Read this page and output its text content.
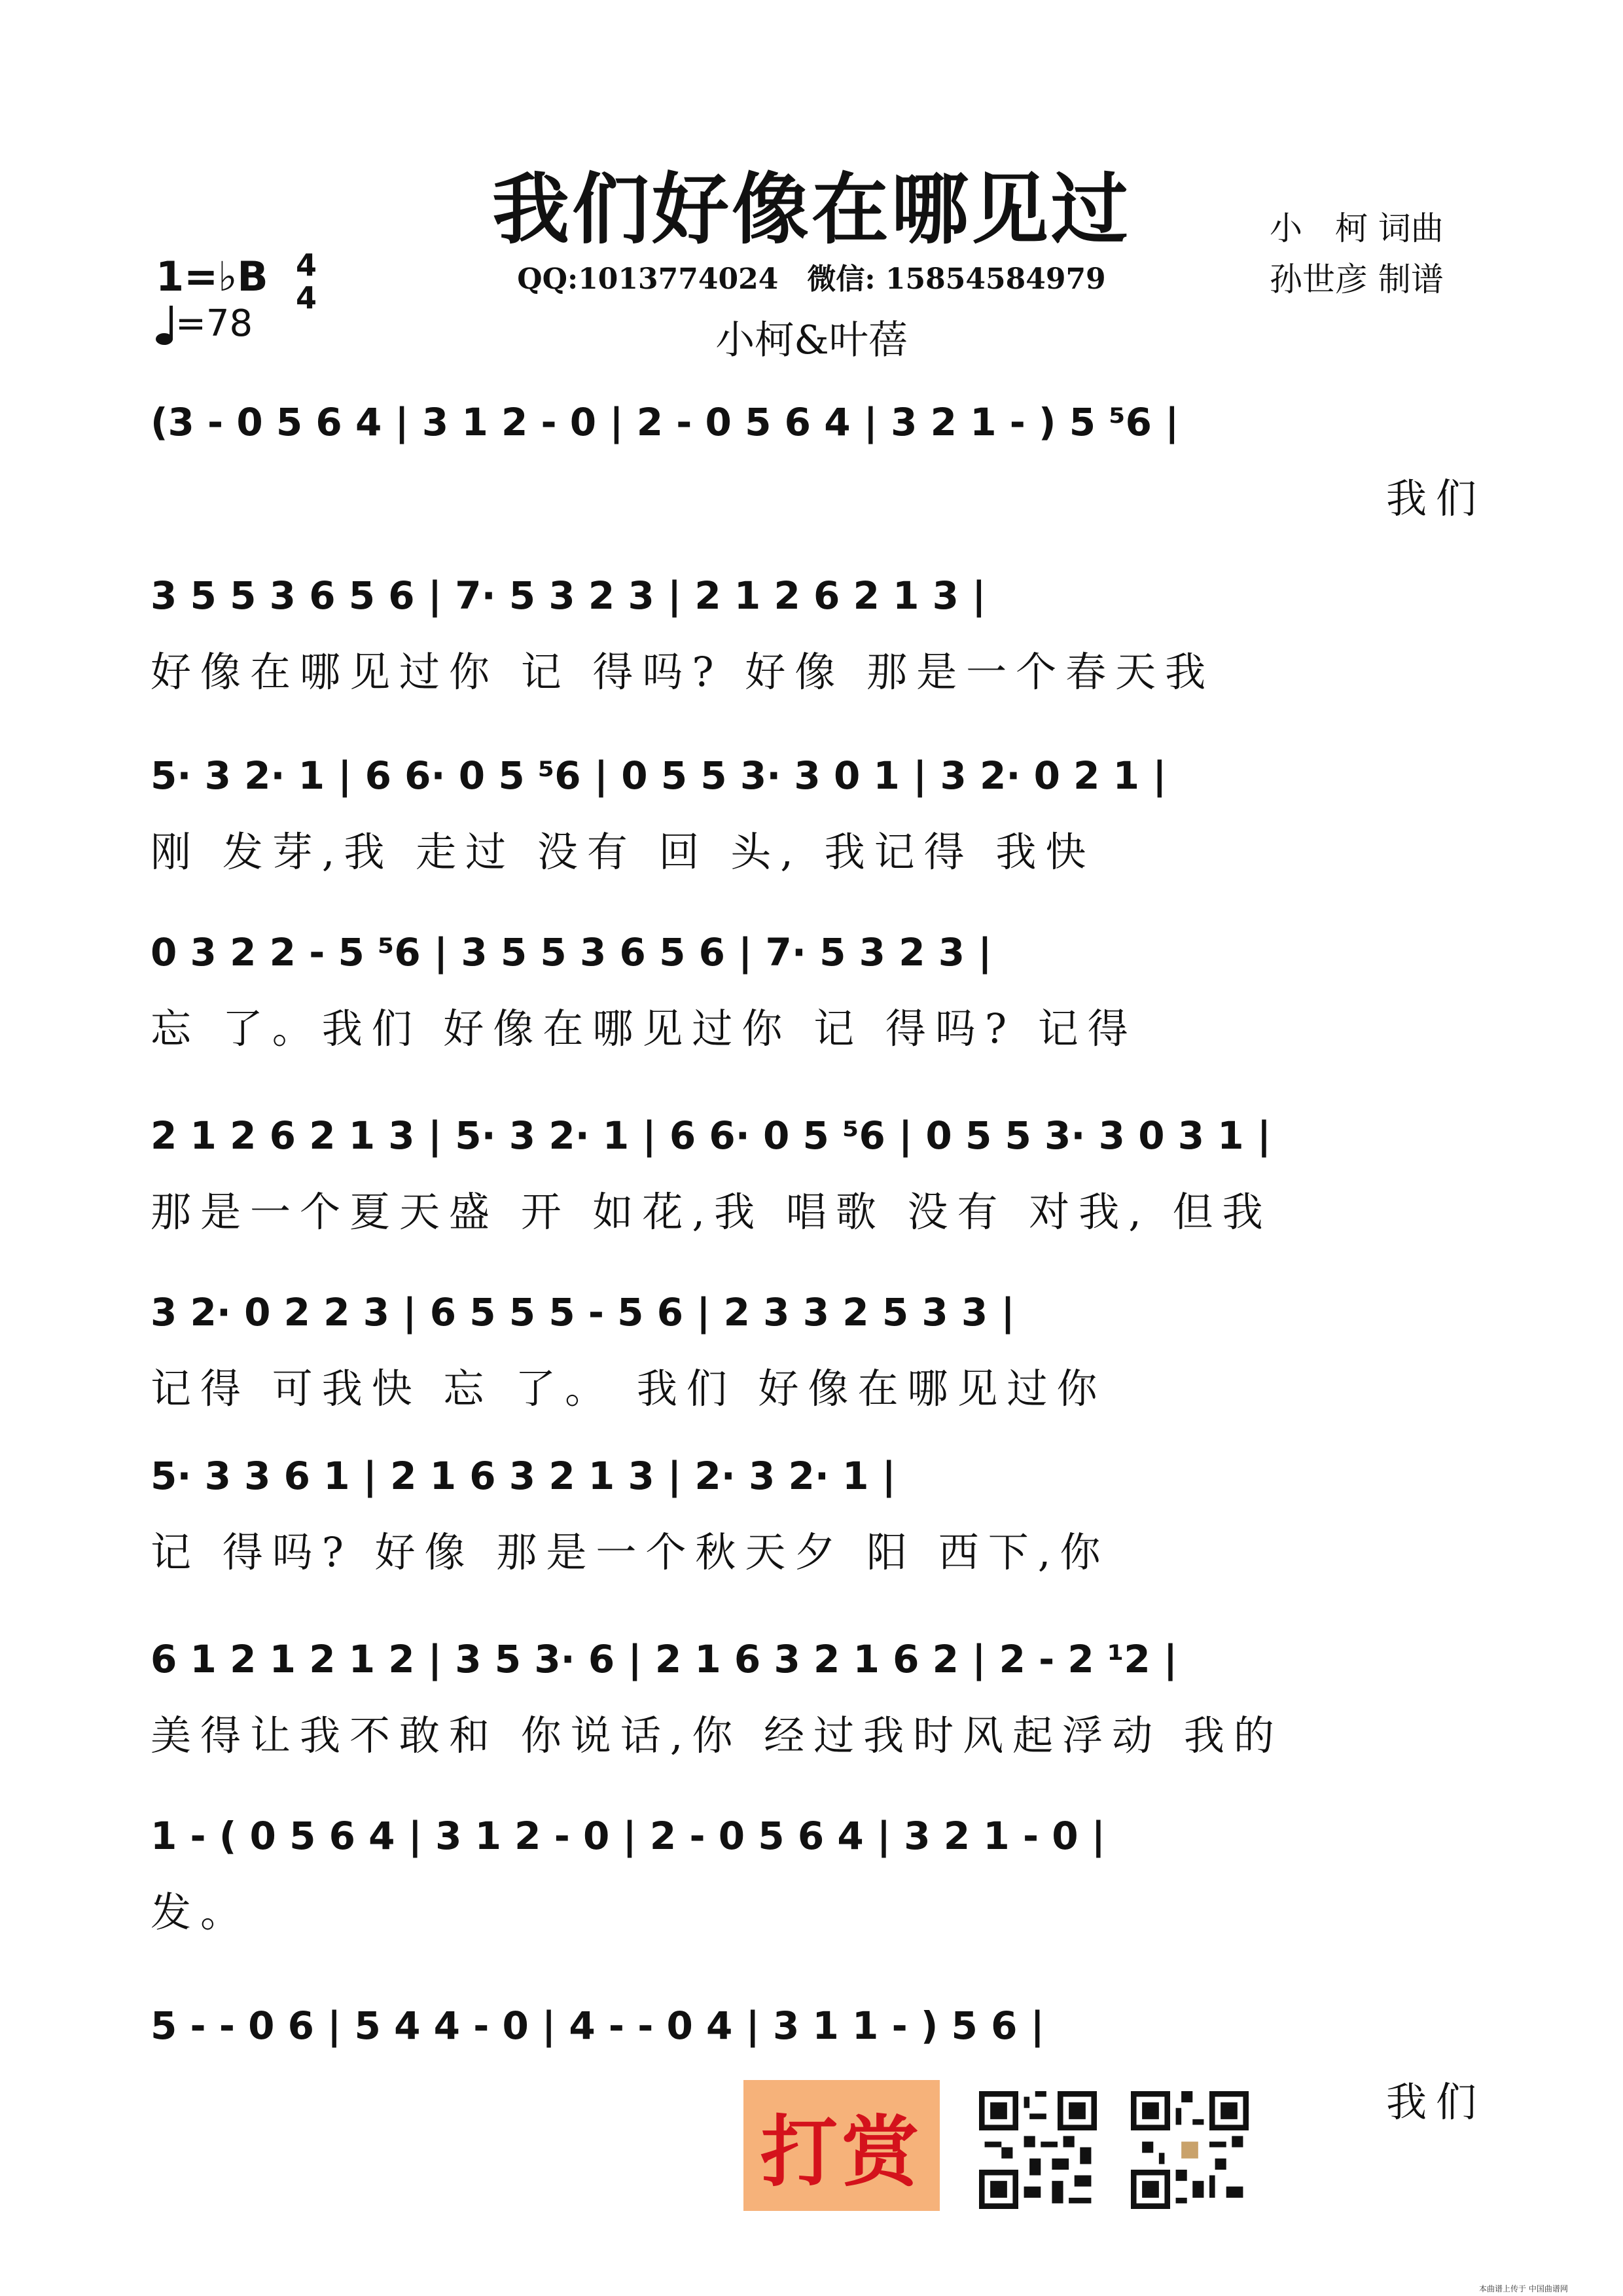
我们好像在哪见过	小　柯 词曲
孙世彦 制谱
QQ:1013774024　微信: 15854584979
小柯&叶蓓
1=♭B 4
4
=78
(3 - 0 5 6 4 | 3 1 2 - 0 | 2 - 0 5 6 4 | 3 2 1 - ) 5 ⁵6 |
我们
3 5 5 3 6 5 6 | 7· 5 3 2 3 | 2 1 2 6 2 1 3 |
好像在哪见过你 记 得吗? 好像 那是一个春天我
5· 3 2· 1 | 6 6· 0 5 ⁵6 | 0 5 5 3· 3 0 1 | 3 2· 0 2 1 |
刚 发芽,我 走过 没有 回 头, 我记得 我快
0 3 2 2 - 5 ⁵6 | 3 5 5 3 6 5 6 | 7· 5 3 2 3 |
忘 了。我们 好像在哪见过你 记 得吗? 记得
2 1 2 6 2 1 3 | 5· 3 2· 1 | 6 6· 0 5 ⁵6 | 0 5 5 3· 3 0 3 1 |
那是一个夏天盛 开 如花,我 唱歌 没有 对我, 但我
3 2· 0 2 2 3 | 6 5 5 5 - 5 6 | 2 3 3 2 5 3 3 |
记得 可我快 忘 了。 我们 好像在哪见过你
5· 3 3 6 1 | 2 1 6 3 2 1 3 | 2· 3 2· 1 |
记 得吗? 好像 那是一个秋天夕 阳 西下,你
6 1 2 1 2 1 2 | 3 5 3· 6 | 2 1 6 3 2 1 6 2 | 2 - 2 ¹2 |
美得让我不敢和 你说话,你 经过我时风起浮动 我的
1 - ( 0 5 6 4 | 3 1 2 - 0 | 2 - 0 5 6 4 | 3 2 1 - 0 |
发。
5 - - 0 6 | 5 4 4 - 0 | 4 - - 0 4 | 3 1 1 - ) 5 6 |
我们
打赏
本曲谱上传于 中国曲谱网
